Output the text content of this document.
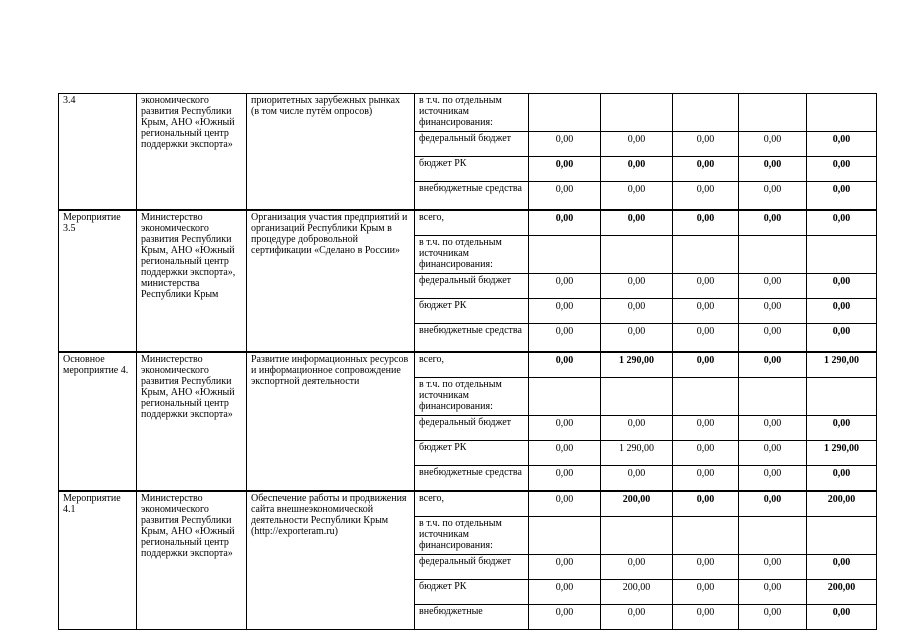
3.4	экономического развития Республики Крым, АНО «Южный региональный центр поддержки экспорта»	приоритетных зарубежных рынках (в том числе путём опросов)	в т.ч. по отдельным источникам финансирования:					
			федеральный бюджет	0,00	0,00	0,00	0,00	0,00
			бюджет РК	0,00	0,00	0,00	0,00	0,00
			внебюджетные средства	0,00	0,00	0,00	0,00	0,00
Мероприятие 3.5	Министерство экономического развития Республики Крым, АНО «Южный региональный центр поддержки экспорта», министерства Республики Крым	Организация участия предприятий и организаций Республики Крым в процедуре добровольной сертификации «Сделано в России»	всего,	0,00	0,00	0,00	0,00	0,00
			в т.ч. по отдельным источникам финансирования:					
			федеральный бюджет	0,00	0,00	0,00	0,00	0,00
			бюджет РК	0,00	0,00	0,00	0,00	0,00
			внебюджетные средства	0,00	0,00	0,00	0,00	0,00
Основное мероприятие 4.	Министерство экономического развития Республики Крым, АНО «Южный региональный центр поддержки экспорта»	Развитие информационных ресурсов и информационное сопровождение экспортной деятельности	всего,	0,00	1 290,00	0,00	0,00	1 290,00
			в т.ч. по отдельным источникам финансирования:					
			федеральный бюджет	0,00	0,00	0,00	0,00	0,00
			бюджет РК	0,00	1 290,00	0,00	0,00	1 290,00
			внебюджетные средства	0,00	0,00	0,00	0,00	0,00
Мероприятие 4.1	Министерство экономического развития Республики Крым, АНО «Южный региональный центр поддержки экспорта»	Обеспечение работы и продвижения сайта внешнеэкономической деятельности Республики Крым (http://exporteram.ru)	всего,	0,00	200,00	0,00	0,00	200,00
			в т.ч. по отдельным источникам финансирования:					
			федеральный бюджет	0,00	0,00	0,00	0,00	0,00
			бюджет РК	0,00	200,00	0,00	0,00	200,00
			внебюджетные	0,00	0,00	0,00	0,00	0,00
